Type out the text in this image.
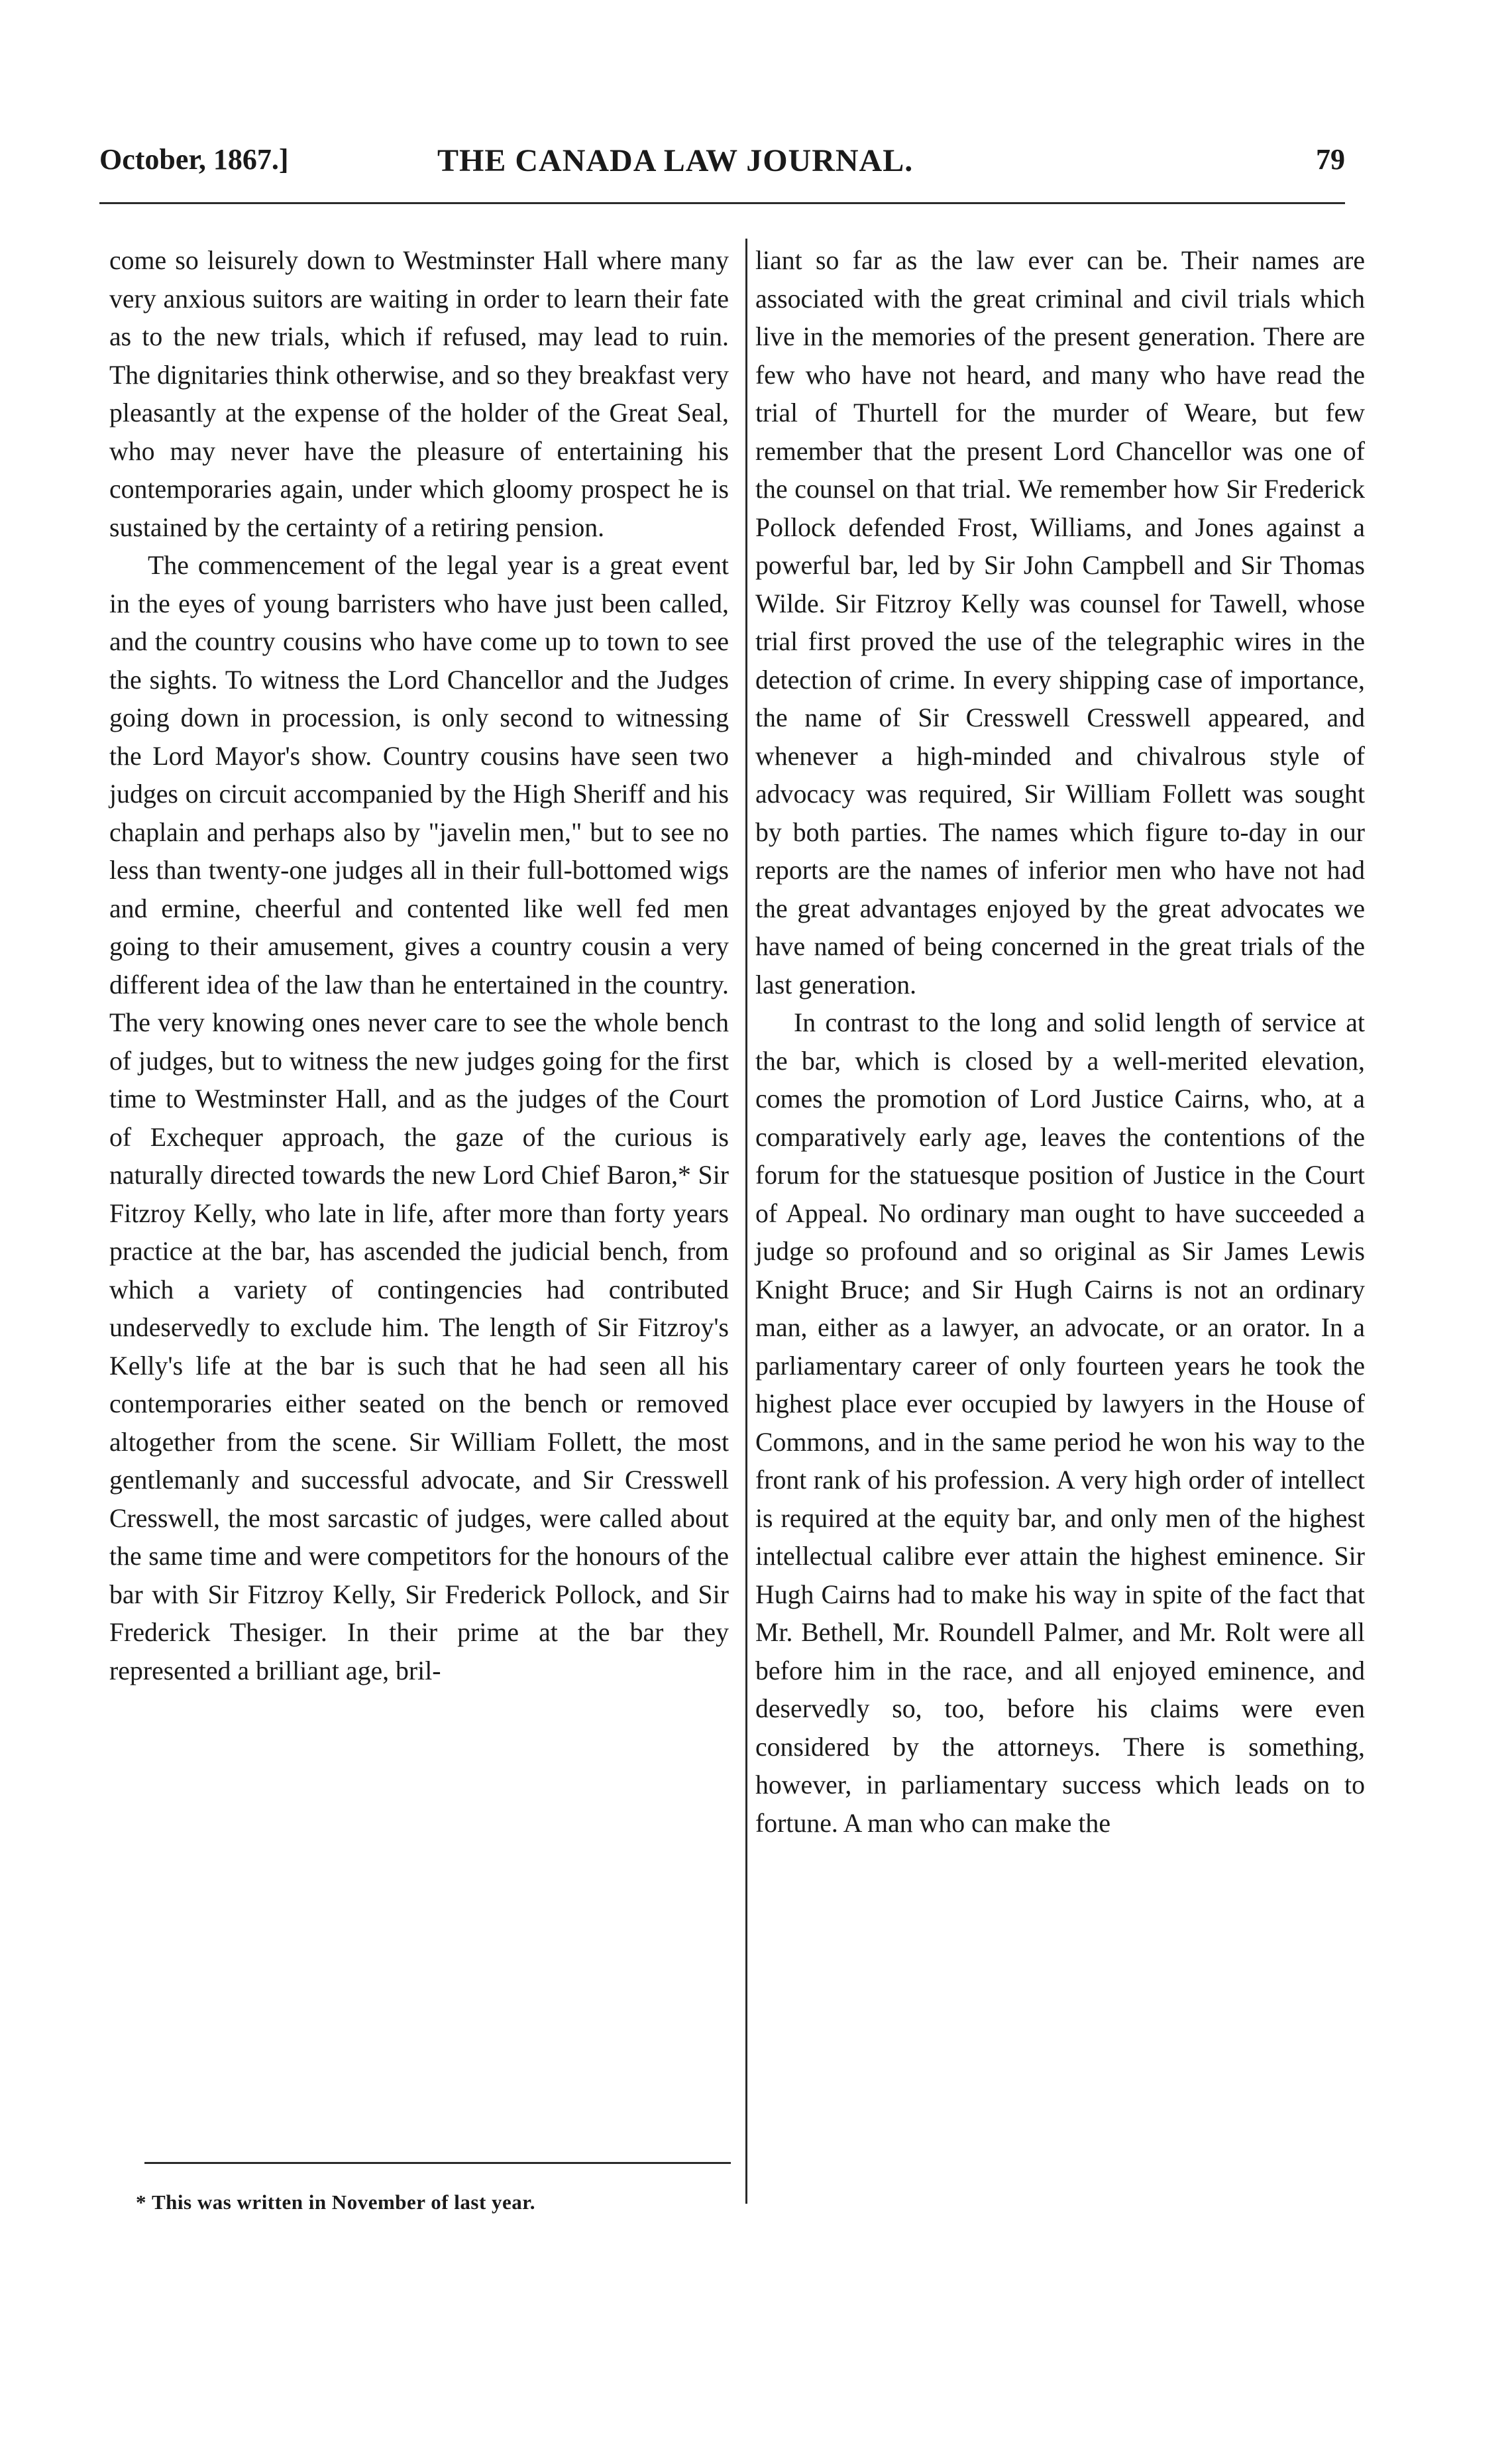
October, 1867.]	THE CANADA LAW JOURNAL.	79

come so leisurely down to Westminster Hall where many very anxious suitors are waiting in order to learn their fate as to the new trials, which if refused, may lead to ruin. The dignitaries think otherwise, and so they breakfast very pleasantly at the expense of the holder of the Great Seal, who may never have the pleasure of entertaining his contemporaries again, under which gloomy prospect he is sustained by the certainty of a retiring pension.

The commencement of the legal year is a great event in the eyes of young barristers who have just been called, and the country cousins who have come up to town to see the sights. To witness the Lord Chancellor and the Judges going down in procession, is only second to witnessing the Lord Mayor's show. Country cousins have seen two judges on circuit accompanied by the High Sheriff and his chaplain and perhaps also by "javelin men," but to see no less than twenty-one judges all in their full-bottomed wigs and ermine, cheerful and contented like well fed men going to their amusement, gives a country cousin a very different idea of the law than he entertained in the country. The very knowing ones never care to see the whole bench of judges, but to witness the new judges going for the first time to Westminster Hall, and as the judges of the Court of Exchequer approach, the gaze of the curious is naturally directed towards the new Lord Chief Baron,* Sir Fitzroy Kelly, who late in life, after more than forty years practice at the bar, has ascended the judicial bench, from which a variety of contingencies had contributed undeservedly to exclude him. The length of Sir Fitzroy's Kelly's life at the bar is such that he had seen all his contemporaries either seated on the bench or removed altogether from the scene. Sir William Follett, the most gentlemanly and successful advocate, and Sir Cresswell Cresswell, the most sarcastic of judges, were called about the same time and were competitors for the honours of the bar with Sir Fitzroy Kelly, Sir Frederick Pollock, and Sir Frederick Thesiger. In their prime at the bar they represented a brilliant age, bril-

liant so far as the law ever can be. Their names are associated with the great criminal and civil trials which live in the memories of the present generation. There are few who have not heard, and many who have read the trial of Thurtell for the murder of Weare, but few remember that the present Lord Chancellor was one of the counsel on that trial. We remember how Sir Frederick Pollock defended Frost, Williams, and Jones against a powerful bar, led by Sir John Campbell and Sir Thomas Wilde. Sir Fitzroy Kelly was counsel for Tawell, whose trial first proved the use of the telegraphic wires in the detection of crime. In every shipping case of importance, the name of Sir Cresswell Cresswell appeared, and whenever a high-minded and chivalrous style of advocacy was required, Sir William Follett was sought by both parties. The names which figure to-day in our reports are the names of inferior men who have not had the great advantages enjoyed by the great advocates we have named of being concerned in the great trials of the last generation.

In contrast to the long and solid length of service at the bar, which is closed by a well-merited elevation, comes the promotion of Lord Justice Cairns, who, at a comparatively early age, leaves the contentions of the forum for the statuesque position of Justice in the Court of Appeal. No ordinary man ought to have succeeded a judge so profound and so original as Sir James Lewis Knight Bruce; and Sir Hugh Cairns is not an ordinary man, either as a lawyer, an advocate, or an orator. In a parliamentary career of only fourteen years he took the highest place ever occupied by lawyers in the House of Commons, and in the same period he won his way to the front rank of his profession. A very high order of intellect is required at the equity bar, and only men of the highest intellectual calibre ever attain the highest eminence. Sir Hugh Cairns had to make his way in spite of the fact that Mr. Bethell, Mr. Roundell Palmer, and Mr. Rolt were all before him in the race, and all enjoyed eminence, and deservedly so, too, before his claims were even considered by the attorneys. There is something, however, in parliamentary success which leads on to fortune. A man who can make the

* This was written in November of last year.
